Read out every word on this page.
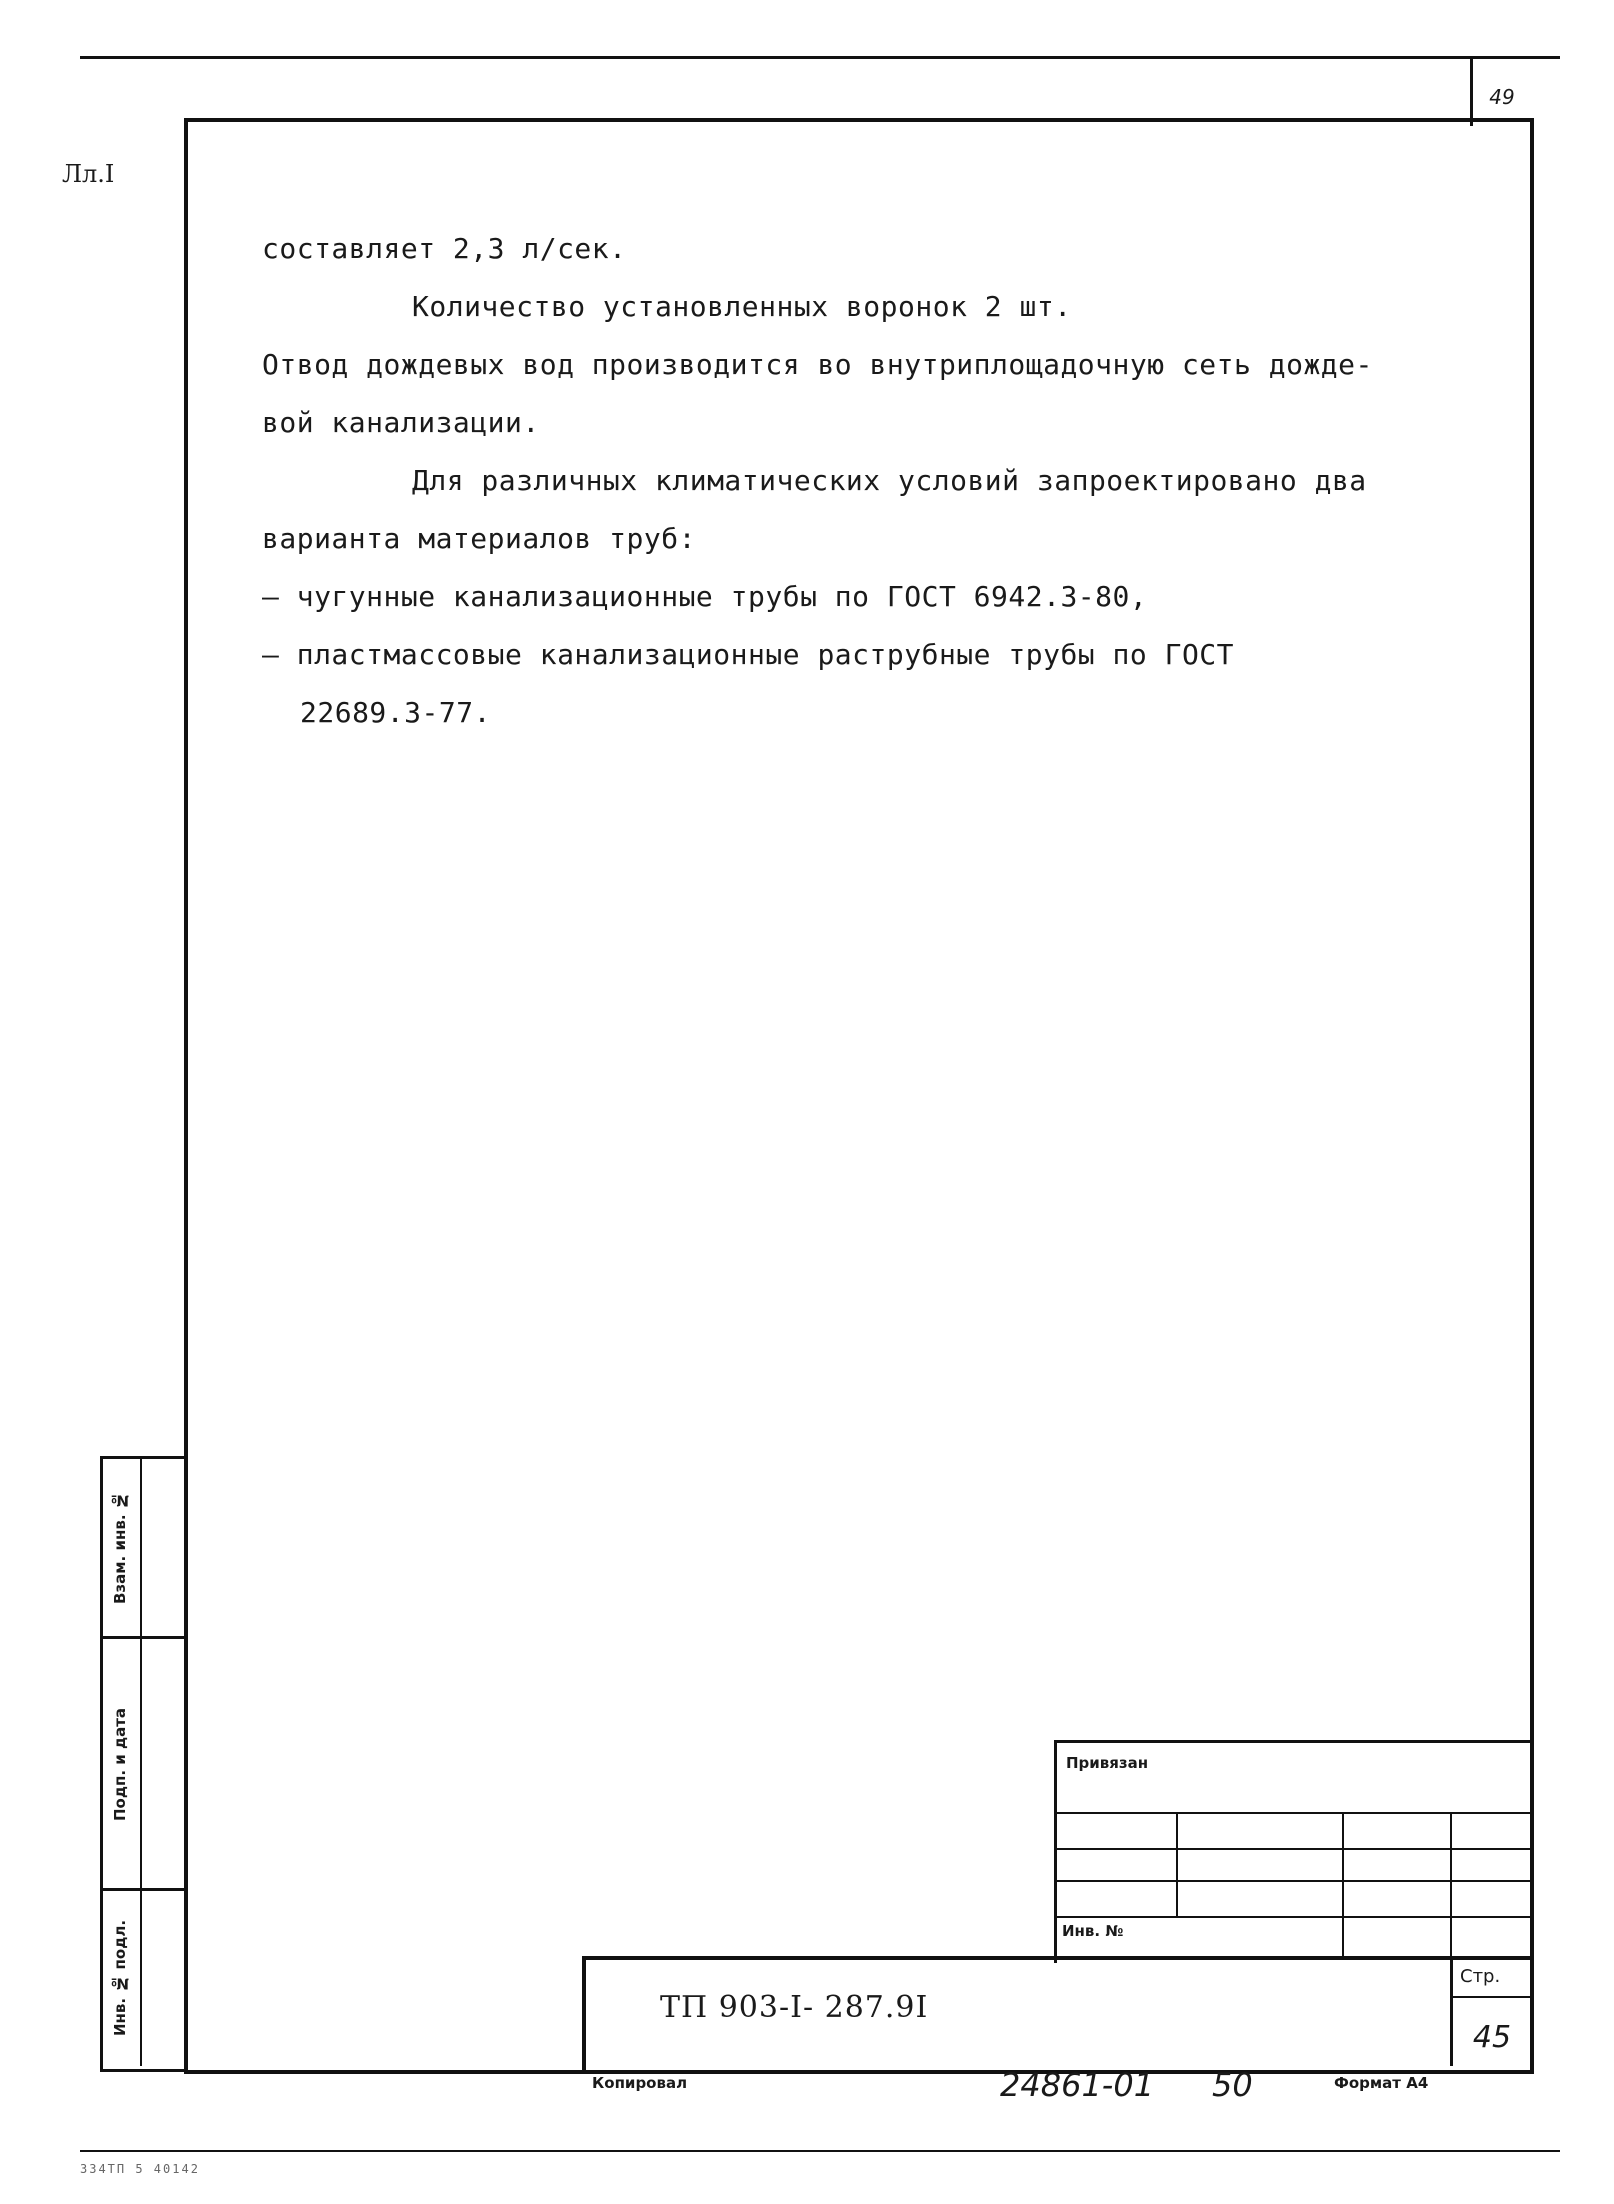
49
Лл.I

составляет 2,3 л/сек.

Количество установленных воронок 2 шт.

Отвод дождевых вод производится во внутриплощадочную сеть дожде-

вой канализации.

Для различных климатических условий запроектировано два

варианта материалов труб:

– чугунные канализационные трубы по ГОСТ 6942.3-80,

– пластмассовые канализационные раструбные трубы по ГОСТ

22689.3-77.

Взам. инв. №
Подп. и дата
Инв. № подл.
Привязан
Инв. №
ТП 903-I- 287.9I
Стр.
45
Копировал	24861-01 50	Формат А4
ЗЗ4ТП 5 40142
